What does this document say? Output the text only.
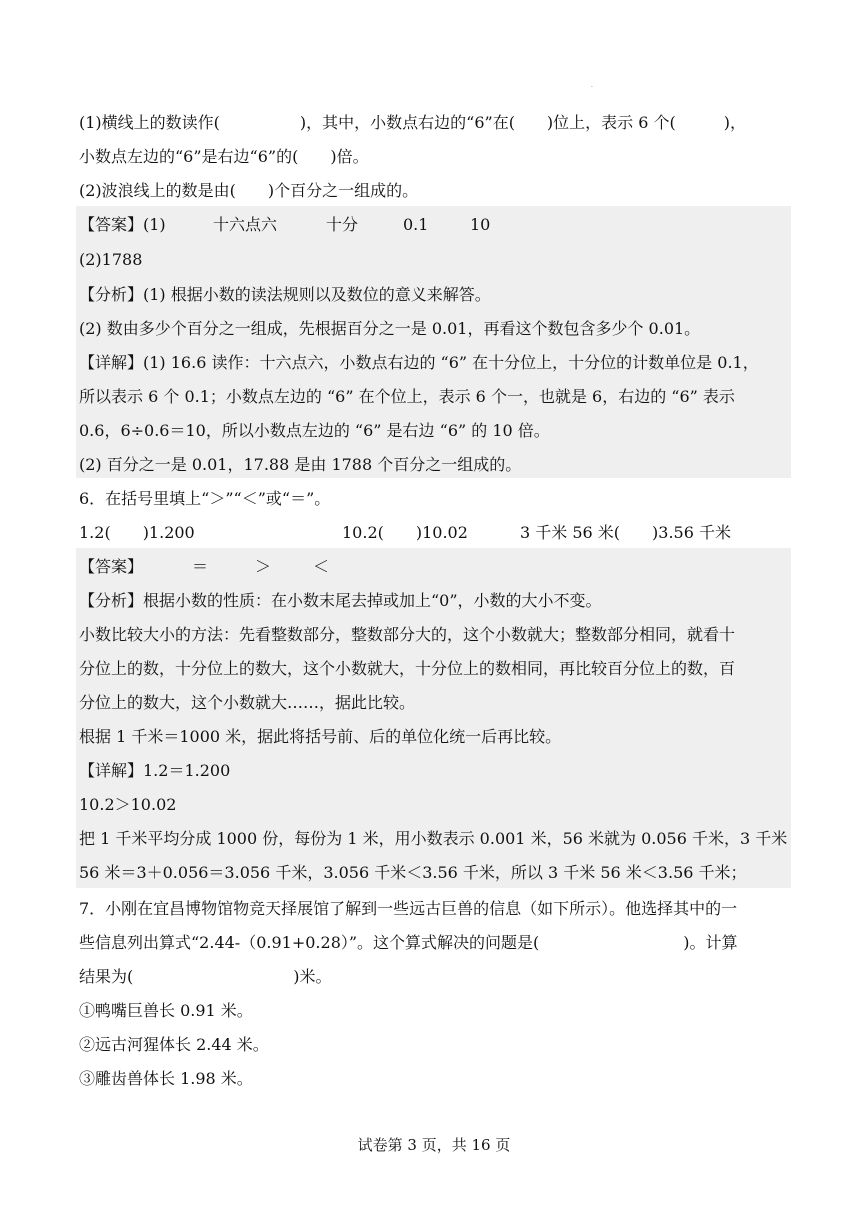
·
(1)横线上的数读作(　　　　　)，其中，小数点右边的“6”在(　　)位上，表示 6 个(　　　)，
小数点左边的“6”是右边“6”的(　　)倍。
(2)波浪线上的数是由(　　)个百分之一组成的。
【答案】(1)	十六点六	十分	0.1	10
(2)1788
【分析】(1) 根据小数的读法规则以及数位的意义来解答。
(2) 数由多少个百分之一组成，先根据百分之一是 0.01，再看这个数包含多少个 0.01。
【详解】(1) 16.6 读作：十六点六，小数点右边的 “6” 在十分位上，十分位的计数单位是 0.1，
所以表示 6 个 0.1；小数点左边的 “6” 在个位上，表示 6 个一，也就是 6，右边的 “6” 表示
0.6，6÷0.6＝10，所以小数点左边的 “6” 是右边 “6” 的 10 倍。
(2) 百分之一是 0.01，17.88 是由 1788 个百分之一组成的。
6．在括号里填上“＞”“＜”或“＝”。
1.2(　　)1.200	10.2(　　)10.02	3 千米 56 米(　　)3.56 千米
【答案】	＝	＞	＜
【分析】根据小数的性质：在小数末尾去掉或加上“0”，小数的大小不变。
小数比较大小的方法：先看整数部分，整数部分大的，这个小数就大；整数部分相同，就看十
分位上的数，十分位上的数大，这个小数就大，十分位上的数相同，再比较百分位上的数，百
分位上的数大，这个小数就大……，据此比较。
根据 1 千米＝1000 米，据此将括号前、后的单位化统一后再比较。
【详解】1.2＝1.200
10.2＞10.02
把 1 千米平均分成 1000 份，每份为 1 米，用小数表示 0.001 米，56 米就为 0.056 千米，3 千米
56 米＝3＋0.056＝3.056 千米，3.056 千米＜3.56 千米，所以 3 千米 56 米＜3.56 千米；
7．小刚在宜昌博物馆物竞天择展馆了解到一些远古巨兽的信息（如下所示）。他选择其中的一
些信息列出算式“2.44-（0.91+0.28）”。这个算式解决的问题是(　　　　　　　　　)。计算
结果为(　　　　　　　　　　)米。
①鸭嘴巨兽长 0.91 米。
②远古河猩体长 2.44 米。
③雕齿兽体长 1.98 米。
试卷第 3 页，共 16 页
